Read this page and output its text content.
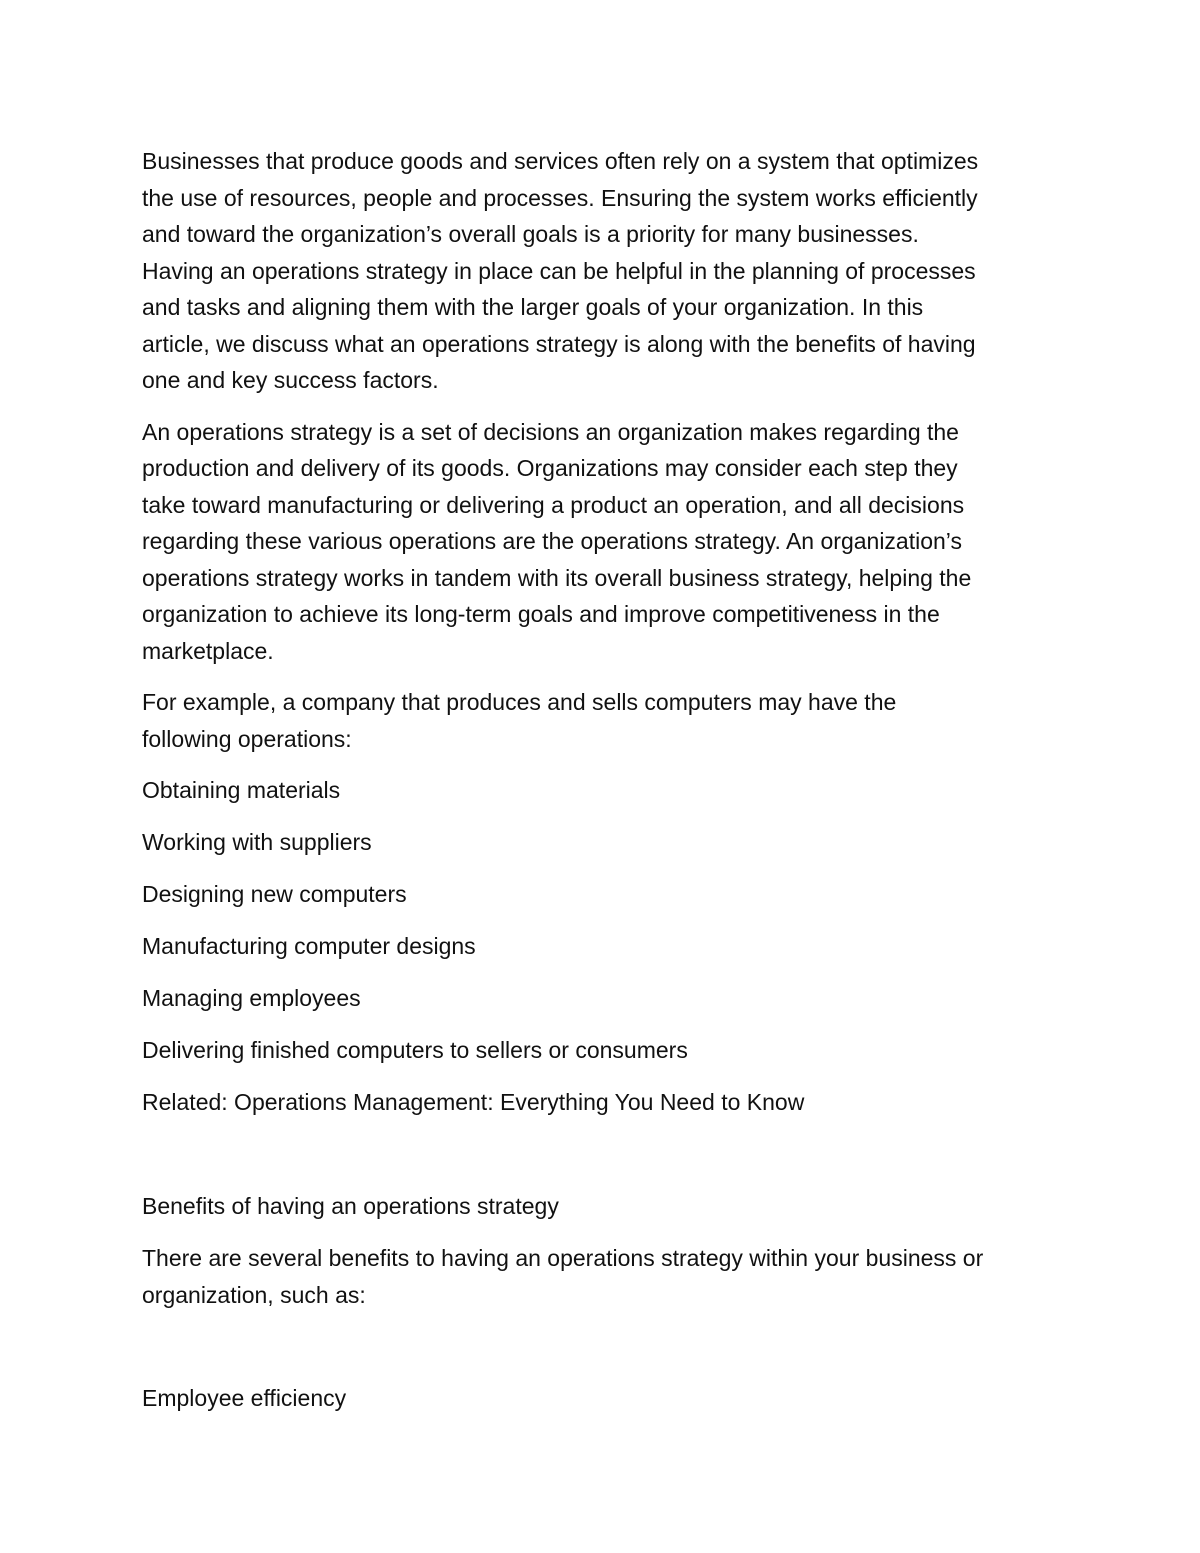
Businesses that produce goods and services often rely on a system that optimizes
the use of resources, people and processes. Ensuring the system works efficiently
and toward the organization’s overall goals is a priority for many businesses.
Having an operations strategy in place can be helpful in the planning of processes
and tasks and aligning them with the larger goals of your organization. In this
article, we discuss what an operations strategy is along with the benefits of having
one and key success factors.
An operations strategy is a set of decisions an organization makes regarding the
production and delivery of its goods. Organizations may consider each step they
take toward manufacturing or delivering a product an operation, and all decisions
regarding these various operations are the operations strategy. An organization’s
operations strategy works in tandem with its overall business strategy, helping the
organization to achieve its long-term goals and improve competitiveness in the
marketplace.
For example, a company that produces and sells computers may have the
following operations:
Obtaining materials
Working with suppliers
Designing new computers
Manufacturing computer designs
Managing employees
Delivering finished computers to sellers or consumers
Related: Operations Management: Everything You Need to Know
Benefits of having an operations strategy
There are several benefits to having an operations strategy within your business or
organization, such as:
Employee efficiency
